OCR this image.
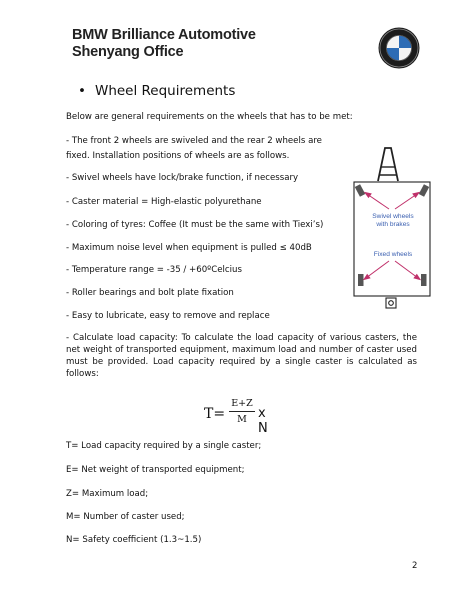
BMW Brilliance Automotive
Shenyang Office
• Wheel Requirements
Below are general requirements on the wheels that has to be met:
- The front 2 wheels are swiveled and the rear 2 wheels are
fixed. Installation positions of wheels are as follows.
- Swivel wheels have lock/brake function, if necessary
- Caster material = High-elastic polyurethane
- Coloring of tyres: Coffee (It must be the same with Tiexi’s)
- Maximum noise level when equipment is pulled ≤ 40dB
- Temperature range = -35 / +60ºCelcius
- Roller bearings and bolt plate fixation
- Easy to lubricate, easy to remove and replace
- Calculate load capacity: To calculate the load capacity of various casters, the net weight of transported equipment, maximum load and number of caster used must be provided. Load capacity required by a single caster is calculated as follows:
Swivel wheels
with brakes
Fixed wheels
T=
E+Z
M x N
T= Load capacity required by a single caster;
E= Net weight of transported equipment;
Z= Maximum load;
M= Number of caster used;
N= Safety coefficient (1.3~1.5)
2
